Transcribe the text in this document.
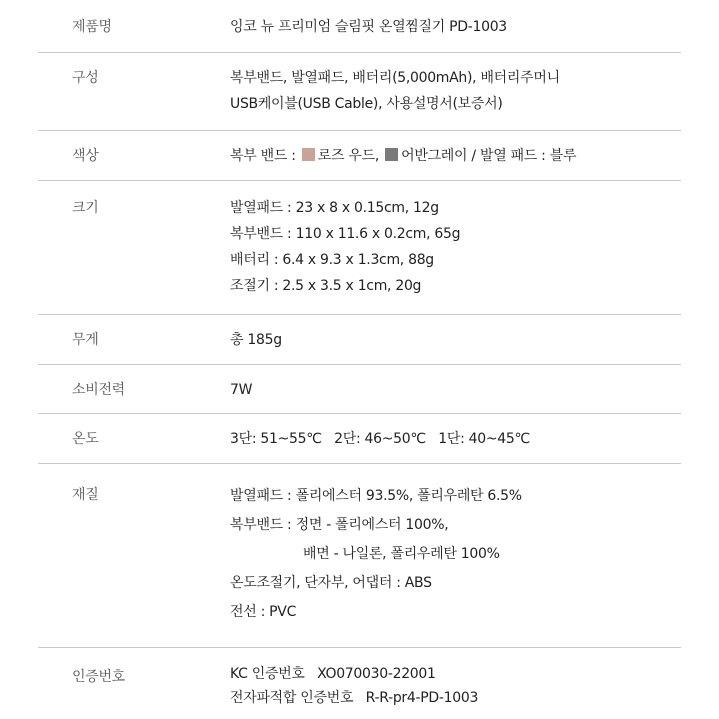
제품명	잉코 뉴 프리미엄 슬림핏 온열찜질기 PD-1003
구성	복부밴드, 발열패드, 배터리(5,000mAh), 배터리주머니
USB케이블(USB Cable), 사용설명서(보증서)
색상	복부 밴드 : 로즈 우드, 어반그레이 / 발열 패드 : 블루
크기	발열패드 : 23 x 8 x 0.15cm, 12g
복부밴드 : 110 x 11.6 x 0.2cm, 65g
배터리 : 6.4 x 9.3 x 1.3cm, 88g
조절기 : 2.5 x 3.5 x 1cm, 20g
무게	총 185g
소비전력	7W
온도	3단: 51~55℃   2단: 46~50℃   1단: 40~45℃
재질	발열패드 : 폴리에스터 93.5%, 폴리우레탄 6.5%
복부밴드 : 정면 - 폴리에스터 100%,
배면 - 나일론, 폴리우레탄 100%
온도조절기, 단자부, 어댑터 : ABS
전선 : PVC
인증번호	KC 인증번호   XO070030-22001
전자파적합 인증번호   R-R-pr4-PD-1003
